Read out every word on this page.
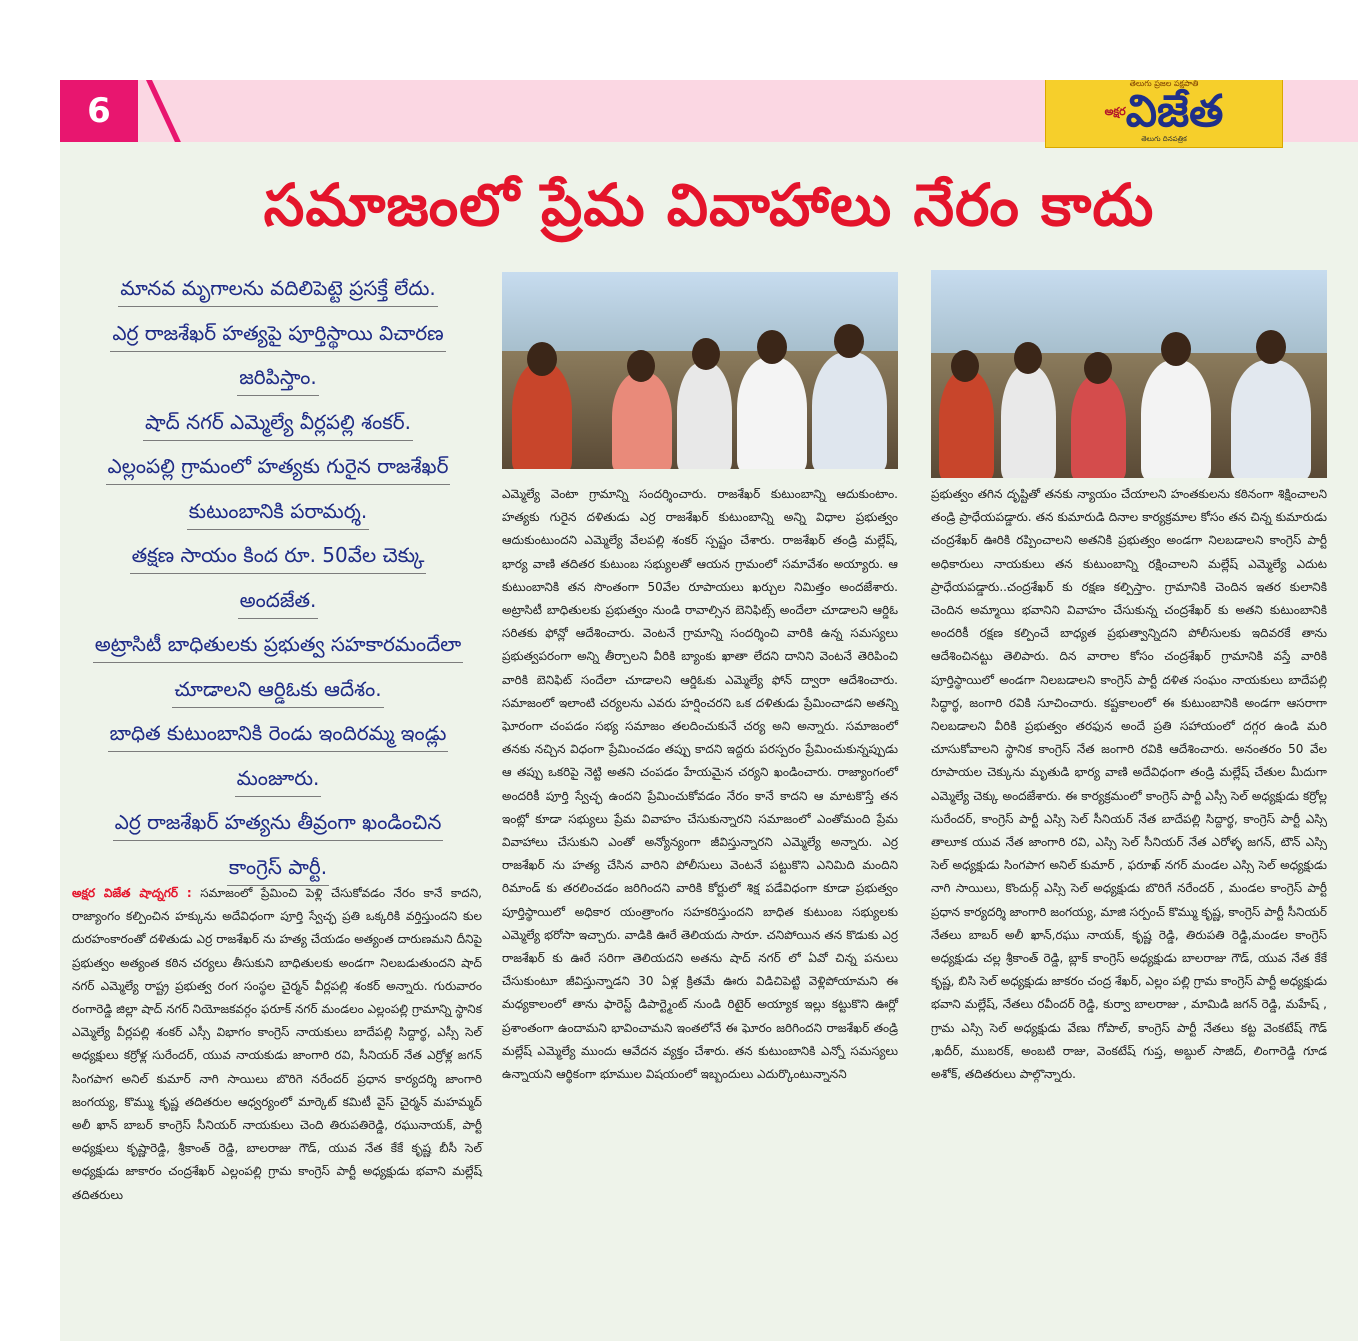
6
తెలుగు ప్రజల పక్షపాతి
$^{అక్షర}$విజేత
తెలుగు దినపత్రిక
సమాజంలో ప్రేమ వివాహాలు నేరం కాదు

మానవ మృగాలను వదిలిపెట్టె ప్రసక్తే లేదు.

ఎర్ర రాజశేఖర్ హత్యపై పూర్తిస్థాయి విచారణ

జరిపిస్తాం.

షాద్ నగర్ ఎమ్మెల్యే వీర్లపల్లి శంకర్.

ఎల్లంపల్లి గ్రామంలో హత్యకు గురైన రాజశేఖర్

కుటుంబానికి పరామర్శ.

తక్షణ సాయం కింద రూ. 50వేల చెక్కు

అందజేత.

అట్రాసిటీ బాధితులకు ప్రభుత్వ సహకారమందేలా

చూడాలని ఆర్డిఓకు ఆదేశం.

బాధిత కుటుంబానికి రెండు ఇందిరమ్మ ఇండ్లు

మంజూరు.

ఎర్ర రాజశేఖర్ హత్యను తీవ్రంగా ఖండించిన

కాంగ్రెస్ పార్టీ.

అక్షర విజేత షాద్నగర్ : సమాజంలో ప్రేమించి పెళ్లి చేసుకోవడం నేరం కానే కాదని, రాజ్యాంగం కల్పించిన హక్కును అదేవిధంగా పూర్తి స్వేచ్ఛ ప్రతి ఒక్కరికి వర్తిస్తుందని కుల దురహంకారంతో దళితుడు ఎర్ర రాజశేఖర్ ను హత్య చేయడం అత్యంత దారుణమని దీనిపై ప్రభుత్వం అత్యంత కఠిన చర్యలు తీసుకుని బాధితులకు అండగా నిలబడుతుందని షాద్ నగర్ ఎమ్మెల్యే రాష్ట్ర ప్రభుత్వ రంగ సంస్థల చైర్మన్ వీర్లపల్లి శంకర్ అన్నారు. గురువారం రంగారెడ్డి జిల్లా షాద్ నగర్ నియోజకవర్గం ఫరూక్ నగర్ మండలం ఎల్లంపల్లి గ్రామాన్ని స్థానిక ఎమ్మెల్యే వీర్లపల్లి శంకర్ ఎస్సీ విభాగం కాంగ్రెస్ నాయకులు బాదేపల్లి సిద్దార్థ, ఎస్సీ సెల్ అధ్యక్షులు కర్రోళ్ల సురేందర్, యువ నాయకుడు జాంగారి రవి, సీనియర్ నేత ఎర్రోళ్ల జగన్ సింగపాగ అనిల్ కుమార్ నాగి సాయిలు బొరిగె నరేందర్ ప్రధాన కార్యదర్శి జాంగారి జంగయ్య, కొమ్ము కృష్ణ తదితరుల ఆధ్వర్యంలో మార్కెట్ కమిటీ వైస్ చైర్మన్ మహమ్మద్ అలీ ఖాన్ బాబర్ కాంగ్రెస్ సీనియర్ నాయకులు చెంది తిరుపతిరెడ్డి, రఘునాయక్, పార్టీ అధ్యక్షులు కృష్ణారెడ్డి, శ్రీకాంత్ రెడ్డి, బాలరాజు గౌడ్, యువ నేత కేకే కృష్ణ బీసీ సెల్ అధ్యక్షుడు జాకారం చంద్రశేఖర్ ఎల్లంపల్లి గ్రామ కాంగ్రెస్ పార్టీ అధ్యక్షుడు భవాని మల్లేష్ తదితరులు
ఎమ్మెల్యే వెంటా గ్రామాన్ని సందర్శించారు. రాజశేఖర్ కుటుంబాన్ని ఆదుకుంటాం. హత్యకు గురైన దళితుడు ఎర్ర రాజశేఖర్ కుటుంబాన్ని అన్ని విధాల ప్రభుత్వం ఆదుకుంటుందని ఎమ్మెల్యే వేలపల్లి శంకర్ స్పష్టం చేశారు. రాజశేఖర్ తండ్రి మల్లేష్, భార్య వాణి తదితర కుటుంబ సభ్యులతో ఆయన గ్రామంలో సమావేశం అయ్యారు. ఆ కుటుంబానికి తన సొంతంగా 50వేల రూపాయలు ఖర్చుల నిమిత్తం అందజేశారు. అట్రాసిటీ బాధితులకు ప్రభుత్వం నుండి రావాల్సిన బెనిఫిట్స్ అందేలా చూడాలని ఆర్డిఓ సరితకు ఫోన్లో ఆదేశించారు. వెంటనే గ్రామాన్ని సందర్శించి వారికి ఉన్న సమస్యలు ప్రభుత్వపరంగా అన్ని తీర్చాలని వీరికి బ్యాంకు ఖాతా లేదని దానిని వెంటనే తెరిపించి వారికి బెనిఫిట్ సందేలా చూడాలని ఆర్డిఓకు ఎమ్మెల్యే ఫోన్ ద్వారా ఆదేశించారు. సమాజంలో ఇలాంటి చర్యలను ఎవరు హర్షించరని ఒక దళితుడు ప్రేమించాడని అతన్ని ఘోరంగా చంపడం సభ్య సమాజం తలదించుకునే చర్య అని అన్నారు. సమాజంలో తనకు నచ్చిన విధంగా ప్రేమించడం తప్పు కాదని ఇద్దరు పరస్పరం ప్రేమించుకున్నప్పుడు ఆ తప్పు ఒకరిపై నెట్టి అతని చంపడం హేయమైన చర్యని ఖండించారు. రాజ్యాంగంలో అందరికీ పూర్తి స్వేచ్ఛ ఉందని ప్రేమించుకోవడం నేరం కానే కాదని ఆ మాటకొస్తే తన ఇంట్లో కూడా సభ్యులు ప్రేమ వివాహం చేసుకున్నారని సమాజంలో ఎంతోమంది ప్రేమ వివాహాలు చేసుకుని ఎంతో అన్యోన్యంగా జీవిస్తున్నారని ఎమ్మెల్యే అన్నారు. ఎర్ర రాజశేఖర్ ను హత్య చేసిన వారిని పోలీసులు వెంటనే పట్టుకొని ఎనిమిది మందిని రిమాండ్ కు తరలించడం జరిగిందని వారికి కోర్టులో శిక్ష పడేవిధంగా కూడా ప్రభుత్వం పూర్తిస్థాయిలో అధికార యంత్రాంగం సహకరిస్తుందని బాధిత కుటుంబ సభ్యులకు ఎమ్మెల్యే భరోసా ఇచ్చారు. వాడికి ఊరే తెలియదు సారూ. చనిపోయిన తన కొడుకు ఎర్ర రాజశేఖర్ కు ఊరే సరిగా తెలియదని అతను షాద్ నగర్ లో ఏవో చిన్న పనులు చేసుకుంటూ జీవిస్తున్నాడని 30 ఏళ్ల క్రితమే ఊరు విడిచిపెట్టి వెళ్లిపోయామని ఈ మధ్యకాలంలో తాను ఫారెస్ట్ డిపార్ట్మెంట్ నుండి రిటైర్ అయ్యాక ఇల్లు కట్టుకొని ఊర్లో ప్రశాంతంగా ఉందామని భావించామని ఇంతలోనే ఈ ఘోరం జరిగిందని రాజశేఖర్ తండ్రి మల్లేష్ ఎమ్మెల్యే ముందు ఆవేదన వ్యక్తం చేశారు. తన కుటుంబానికి ఎన్నో సమస్యలు ఉన్నాయని ఆర్థికంగా భూముల విషయంలో ఇబ్బందులు ఎదుర్కొంటున్నానని
ప్రభుత్వం తగిన దృష్టితో తనకు న్యాయం చేయాలని హంతకులను కఠినంగా శిక్షించాలని తండ్రి ప్రాధేయపడ్డారు. తన కుమారుడి దినాల కార్యక్రమాల కోసం తన చిన్న కుమారుడు చంద్రశేఖర్ ఊరికి రప్పించాలని అతనికి ప్రభుత్వం అండగా నిలబడాలని కాంగ్రెస్ పార్టీ అధికారులు నాయకులు తన కుటుంబాన్ని రక్షించాలని మల్లేష్ ఎమ్మెల్యే ఎదుట ప్రాధేయపడ్డారు..చంద్రశేఖర్ కు రక్షణ కల్పిస్తాం. గ్రామానికి చెందిన ఇతర కులానికి చెందిన అమ్మాయి భవానిని వివాహం చేసుకున్న చంద్రశేఖర్ కు అతని కుటుంబానికి అందరికీ రక్షణ కల్పించే బాధ్యత ప్రభుత్వాన్నిదని పోలీసులకు ఇదివరకే తాను ఆదేశించినట్టు తెలిపారు. దిన వారాల కోసం చంద్రశేఖర్ గ్రామానికి వస్తే వారికి పూర్తిస్థాయిలో అండగా నిలబడాలని కాంగ్రెస్ పార్టీ దళిత సంఘం నాయకులు బాదేపల్లి సిద్ధార్థ, జంగారి రవికి సూచించారు. కష్టకాలంలో ఈ కుటుంబానికి అండగా ఆసరాగా నిలబడాలని వీరికి ప్రభుత్వం తరఫున అందే ప్రతి సహాయంలో దగ్గర ఉండి మరి చూసుకోవాలని స్థానిక కాంగ్రెస్ నేత జంగారి రవికి ఆదేశించారు. అనంతరం 50 వేల రూపాయల చెక్కును మృతుడి భార్య వాణి అదేవిధంగా తండ్రి మల్లేష్ చేతుల మీదుగా ఎమ్మెల్యే చెక్కు అందజేశారు. ఈ కార్యక్రమంలో కాంగ్రెస్ పార్టీ ఎస్సీ సెల్ అధ్యక్షుడు కర్రోల్ల సురేందర్, కాంగ్రెస్ పార్టీ ఎస్సి సెల్ సీనియర్ నేత బాదేపల్లి సిద్దార్థ, కాంగ్రెస్ పార్టీ ఎస్సి తాలూక యువ నేత జాంగారి రవి, ఎస్సి సెల్ సీనియర్ నేత ఎరోళ్ళ జగన్, టౌన్ ఎస్సి సెల్ అధ్యక్షుడు సింగపాగ అనిల్ కుమార్ , ఫరూఖ్ నగర్ మండల ఎస్సి సెల్ అధ్యక్షుడు నాగి సాయిలు, కొందుర్గ్ ఎస్సి సెల్ అధ్యక్షుడు బొరిగే నరేందర్ , మండల కాంగ్రెస్ పార్టీ ప్రధాన కార్యదర్శి జాంగారి జంగయ్య, మాజి సర్పంచ్ కొమ్ము కృష్ణ, కాంగ్రెస్ పార్టీ సీనియర్ నేతలు బాబర్ అలీ ఖాన్,రఘు నాయక్, కృష్ణ రెడ్డి, తిరుపతి రెడ్డి,మండల కాంగ్రెస్ అధ్యక్షుడు చల్ల శ్రీకాంత్ రెడ్డి, బ్లాక్ కాంగ్రెస్ అధ్యక్షుడు బాలరాజు గౌడ్, యువ నేత కేకే కృష్ణ, బిసి సెల్ అధ్యక్షుడు జాకరం చంద్ర శేఖర్, ఎల్లం పల్లి గ్రామ కాంగ్రెస్ పార్టీ అధ్యక్షుడు భవాని మల్లేష్, నేతలు రవీందర్ రెడ్డి, కుర్వా బాలరాజు , మామిడి జగన్ రెడ్డి, మహేష్ , గ్రామ ఎస్సి సెల్ అధ్యక్షుడు వేణు గోపాల్, కాంగ్రెస్ పార్టీ నేతలు కట్ట వెంకటేష్ గౌడ్ ,ఖదీర్, ముబరక్, అంబటి రాజు, వెంకటేష్ గుప్త, అబ్దుల్ సాజిద్, లింగారెడ్డి గూడ అశోక్, తదితరులు పాల్గొన్నారు.
